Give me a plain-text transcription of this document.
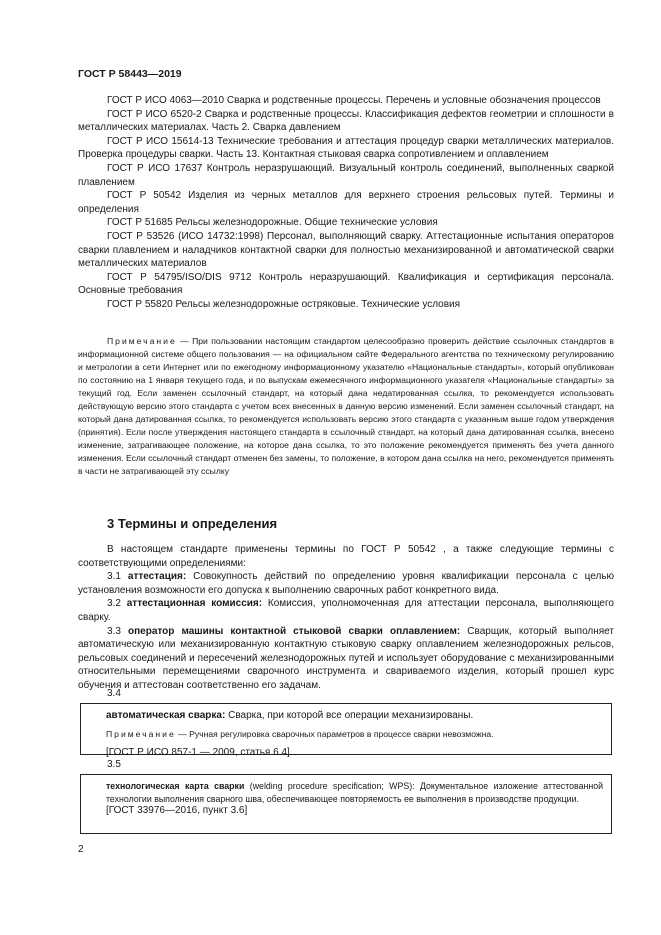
ГОСТ Р 58443—2019

ГОСТ Р ИСО 4063—2010 Сварка и родственные процессы. Перечень и условные обозначения процессов

ГОСТ Р ИСО 6520-2 Сварка и родственные процессы. Классификация дефектов геометрии и сплошности в металлических материалах. Часть 2. Сварка давлением

ГОСТ Р ИСО 15614-13 Технические требования и аттестация процедур сварки металлических материалов. Проверка процедуры сварки. Часть 13. Контактная стыковая сварка сопротивлением и оплавлением

ГОСТ Р ИСО 17637 Контроль неразрушающий. Визуальный контроль соединений, выполненных сваркой плавлением

ГОСТ Р 50542 Изделия из черных металлов для верхнего строения рельсовых путей. Термины и определения

ГОСТ Р 51685 Рельсы железнодорожные. Общие технические условия

ГОСТ Р 53526 (ИСО 14732:1998) Персонал, выполняющий сварку. Аттестационные испытания операторов сварки плавлением и наладчиков контактной сварки для полностью механизированной и автоматической сварки металлических материалов

ГОСТ Р 54795/ISO/DIS 9712 Контроль неразрушающий. Квалификация и сертификация персонала. Основные требования

ГОСТ Р 55820 Рельсы железнодорожные остряковые. Технические условия

Примечание — При пользовании настоящим стандартом целесообразно проверить действие ссылочных стандартов в информационной системе общего пользования — на официальном сайте Федерального агентства по техническому регулированию и метрологии в сети Интернет или по ежегодному информационному указателю «Национальные стандарты», который опубликован по состоянию на 1 января текущего года, и по выпускам ежемесячного информационного указателя «Национальные стандарты» за текущий год. Если заменен ссылочный стандарт, на который дана недатированная ссылка, то рекомендуется использовать действующую версию этого стандарта с учетом всех внесенных в данную версию изменений. Если заменен ссылочный стандарт, на который дана датированная ссылка, то рекомендуется использовать версию этого стандарта с указанным выше годом утверждения (принятия). Если после утверждения настоящего стандарта в ссылочный стандарт, на который дана датированная ссылка, внесено изменение, затрагивающее положение, на которое дана ссылка, то это положение рекомендуется применять без учета данного изменения. Если ссылочный стандарт отменен без замены, то положение, в котором дана ссылка на него, рекомендуется применять в части не затрагивающей эту ссылку

3 Термины и определения

В настоящем стандарте применены термины по ГОСТ Р 50542 , а также следующие термины с соответствующими определениями:

3.1 аттестация: Совокупность действий по определению уровня квалификации персонала с целью установления возможности его допуска к выполнению сварочных работ конкретного вида.

3.2 аттестационная комиссия: Комиссия, уполномоченная для аттестации персонала, выполняющего сварку.

3.3 оператор машины контактной стыковой сварки оплавлением: Сварщик, который выполняет автоматическую или механизированную контактную стыковую сварку оплавлением железнодорожных рельсов, рельсовых соединений и пересечений железнодорожных путей и использует оборудование с механизированными относительными перемещениями сварочного инструмента и свариваемого изделия, который прошел курс обучения и аттестован соответственно его задачам.

3.4
автоматическая сварка: Сварка, при которой все операции механизированы.
Примечание — Ручная регулировка сварочных параметров в процессе сварки невозможна.
[ГОСТ Р ИСО 857-1 — 2009, статья 6.4]
3.5
технологическая карта сварки (welding procedure specification; WPS): Документальное изложение аттестованной технологии выполнения сварного шва, обеспечивающее повторяемость ее выполнения в производстве продукции.
[ГОСТ 33976—2016, пункт 3.6]
2
